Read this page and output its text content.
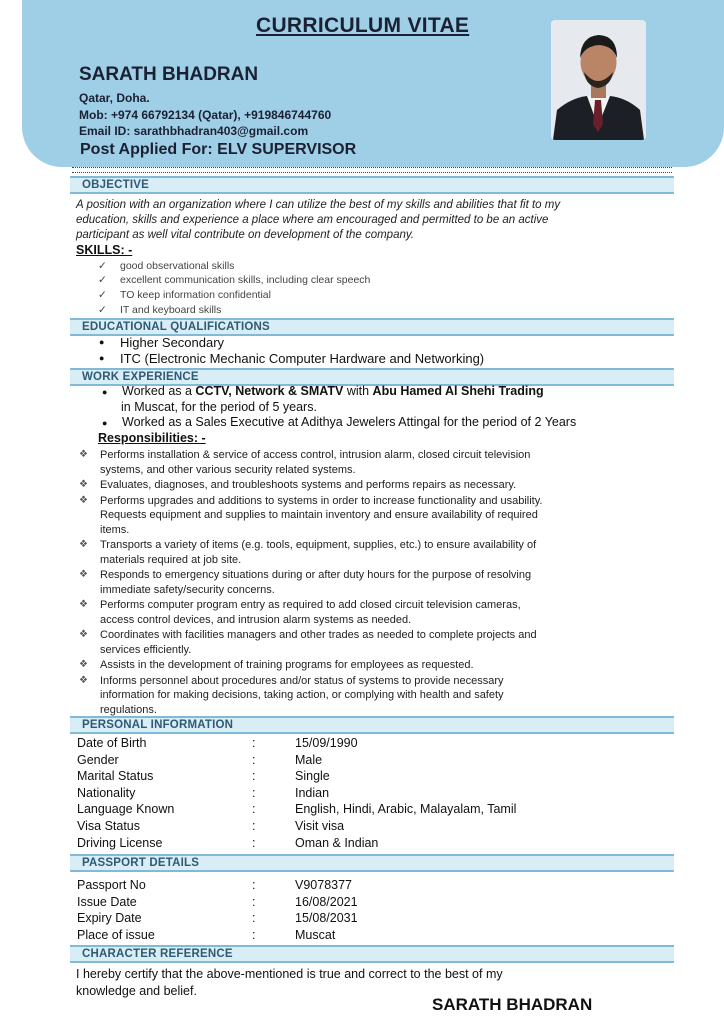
CURRICULUM VITAE
SARATH BHADRAN
Qatar, Doha.
Mob: +974 66792134 (Qatar), +919846744760
Email ID: sarathbhadran403@gmail.com
Post Applied For: ELV SUPERVISOR
OBJECTIVE
A position with an organization where I can utilize the best of my skills and abilities that fit to my
education, skills and experience a place where am encouraged and permitted to be an active
participant as well vital contribute on development of the company.
SKILLS: -
✓ good observational skills
✓ excellent communication skills, including clear speech
✓ TO keep information confidential
✓ IT and keyboard skills
EDUCATIONAL QUALIFICATIONS
● Higher Secondary
● ITC (Electronic Mechanic Computer Hardware and Networking)
WORK EXPERIENCE
● Worked as a CCTV, Network & SMATV with Abu Hamed Al Shehi Trading
in Muscat, for the period of 5 years.
● Worked as a Sales Executive at Adithya Jewelers Attingal for the period of 2 Years
Responsibilities: -
❖ Performs installation & service of access control, intrusion alarm, closed circuit television
systems, and other various security related systems.
❖ Evaluates, diagnoses, and troubleshoots systems and performs repairs as necessary.
❖ Performs upgrades and additions to systems in order to increase functionality and usability.
Requests equipment and supplies to maintain inventory and ensure availability of required
items.
❖ Transports a variety of items (e.g. tools, equipment, supplies, etc.) to ensure availability of
materials required at job site.
❖ Responds to emergency situations during or after duty hours for the purpose of resolving
immediate safety/security concerns.
❖ Performs computer program entry as required to add closed circuit television cameras,
access control devices, and intrusion alarm systems as needed.
❖ Coordinates with facilities managers and other trades as needed to complete projects and
services efficiently.
❖ Assists in the development of training programs for employees as requested.
❖ Informs personnel about procedures and/or status of systems to provide necessary
information for making decisions, taking action, or complying with health and safety
regulations.
PERSONAL INFORMATION
Date of Birth	:	15/09/1990
Gender	:	Male
Marital Status	:	Single
Nationality	:	Indian
Language Known	:	English, Hindi, Arabic, Malayalam, Tamil
Visa Status	:	Visit visa
Driving License	:	Oman & Indian
PASSPORT DETAILS
Passport No	:	V9078377
Issue Date	:	16/08/2021
Expiry Date	:	15/08/2031
Place of issue	:	Muscat
CHARACTER REFERENCE
I hereby certify that the above-mentioned is true and correct to the best of my
knowledge and belief.
SARATH BHADRAN
